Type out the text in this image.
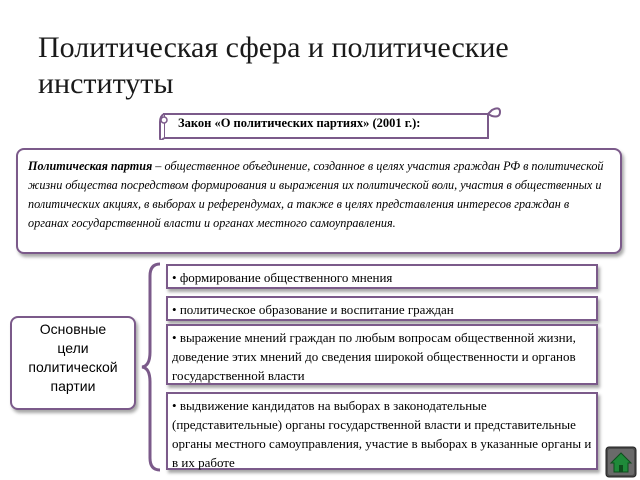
Политическая сфера и политические институты
Закон «О политических партиях» (2001 г.):
Политическая партия – общественное объединение, созданное в целях участия граждан РФ в политической жизни общества посредством формирования и выражения их политической воли, участия в общественных и политических акциях, в выборах и референдумах, а также в целях представления интересов граждан в органах государственной власти и органах местного самоуправления.
Основные
цели
политической
партии
• формирование общественного мнения
• политическое образование и воспитание граждан
• выражение мнений граждан по любым вопросам общественной жизни, доведение этих мнений до сведения широкой общественности и органов государственной власти
• выдвижение кандидатов на выборах в законодательные (представительные) органы государственной власти и представительные органы местного самоуправления, участие в выборах в указанные органы и в их работе
